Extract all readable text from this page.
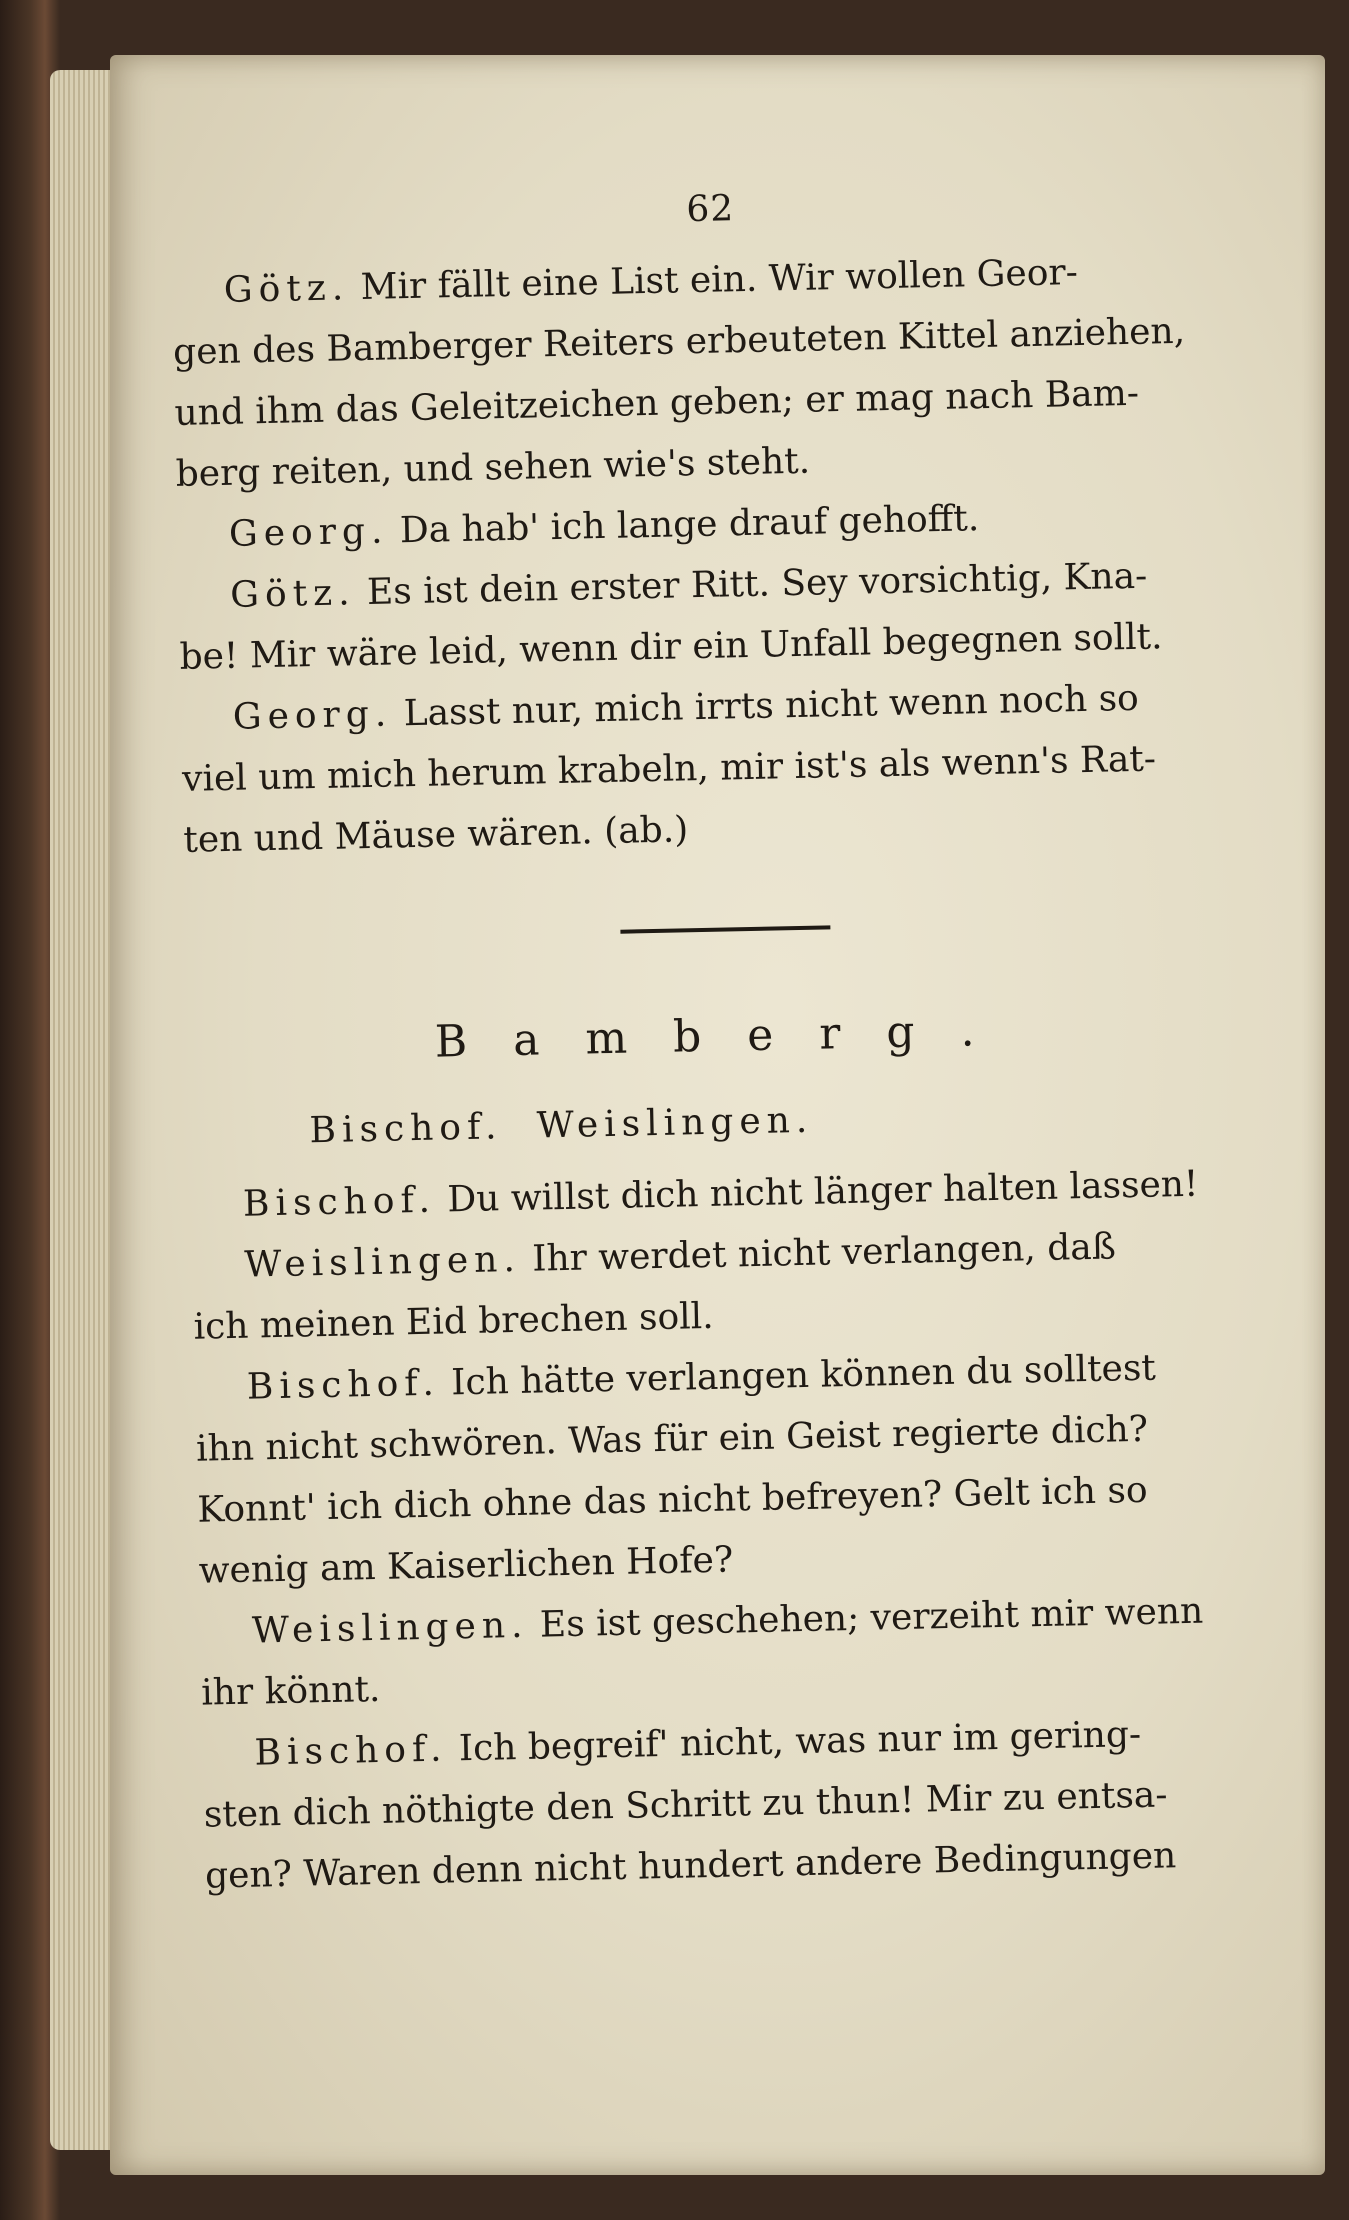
62

Götz. Mir fällt eine List ein. Wir wollen Geor-

gen des Bamberger Reiters erbeuteten Kittel anziehen,

und ihm das Geleitzeichen geben; er mag nach Bam-

berg reiten, und sehen wie's steht.

Georg. Da hab' ich lange drauf gehofft.

Götz. Es ist dein erster Ritt. Sey vorsichtig, Kna-

be! Mir wäre leid, wenn dir ein Unfall begegnen sollt.

Georg. Lasst nur, mich irrts nicht wenn noch so

viel um mich herum krabeln, mir ist's als wenn's Rat-

ten und Mäuse wären. (ab.)

Bamberg.

Bischof. Weislingen.

Bischof. Du willst dich nicht länger halten lassen!

Weislingen. Ihr werdet nicht verlangen, daß

ich meinen Eid brechen soll.

Bischof. Ich hätte verlangen können du solltest

ihn nicht schwören. Was für ein Geist regierte dich?

Konnt' ich dich ohne das nicht befreyen? Gelt ich so

wenig am Kaiserlichen Hofe?

Weislingen. Es ist geschehen; verzeiht mir wenn

ihr könnt.

Bischof. Ich begreif' nicht, was nur im gering-

sten dich nöthigte den Schritt zu thun! Mir zu entsa-

gen? Waren denn nicht hundert andere Bedingungen
